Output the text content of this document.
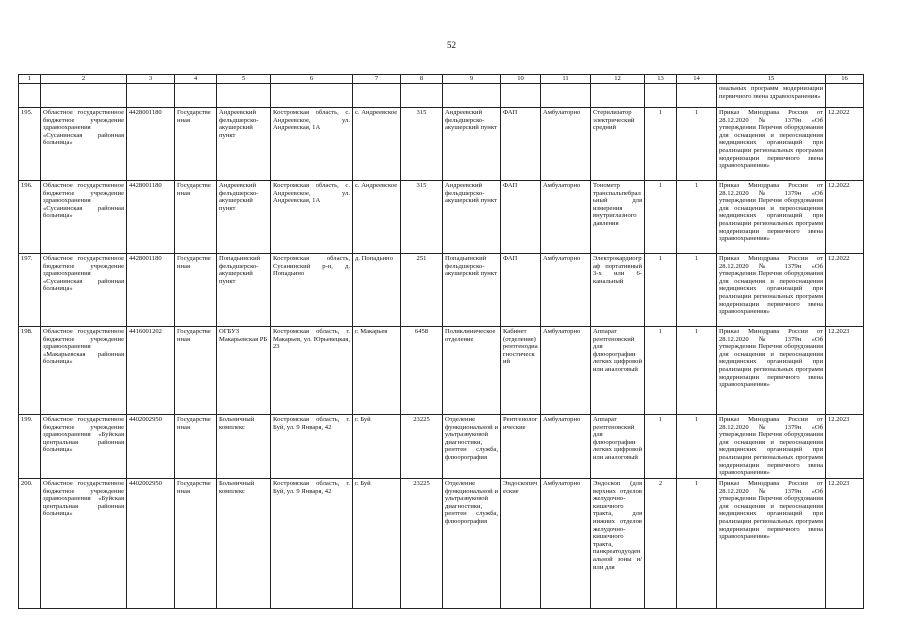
52
1	2	3	4	5	6	7	8	9	10	11	12	13	14	15	16
														ональных программ модернизации первичного звена здравоохранения»	
195.	Областное государственное бюджетное учреждение здравоохранения «Сусанинская районная больница»	4428001180	Государственная	Андреевский фельдшерско-акушерский пункт	Костромская область, с. Андреевское, ул. Андреевская, 1А	с. Андреевское	315	Андреевский фельдшерско-акушерский пункт	ФАП	Амбулаторно	Стерилизатор электрический средний	1	1	Приказ Минздрава России от 28.12.2020 № 1379н «Об утверждении Перечня оборудования для оснащения и переоснащения медицинских организаций при реализации региональных программ модернизации первичного звена здравоохранения»	12.2022
196.	Областное государственное бюджетное учреждение здравоохранения «Сусанинская районная больница»	4428001180	Государственная	Андреевский фельдшерско-акушерский пункт	Костромская область, с. Андреевское, ул. Андреевская, 1А	с. Андреевское	315	Андреевский фельдшерско-акушерский пункт	ФАП	Амбулаторно	Тонометр транспальпебральный для измерения внутриглазного давления	1	1	Приказ Минздрава России от 28.12.2020 № 1379н «Об утверждении Перечня оборудования для оснащения и переоснащения медицинских организаций при реализации региональных программ модернизации первичного звена здравоохранения»	12.2022
197.	Областное государственное бюджетное учреждение здравоохранения «Сусанинская районная больница»	4428001180	Государственная	Попадьинский фельдшерско-акушерский пункт	Костромская область, Сусанинский р-н, д. Попадьино	д. Попадьино	251	Попадьинский фельдшерско-акушерский пункт	ФАП	Амбулаторно	Электрокардиограф портативный 3-х или 6-канальный	1	1	Приказ Минздрава России от 28.12.2020 № 1379н «Об утверждении Перечня оборудования для оснащения и переоснащения медицинских организаций при реализации региональных программ модернизации первичного звена здравоохранения»	12.2022
198.	Областное государственное бюджетное учреждение здравоохранения «Макарьевская районная больница»	4416001202	Государственная	ОГБУЗ Макарьевская РБ	Костромская область, г. Макарьев, ул. Юрьевецкая, 23	г. Макарьев	6458	Поликлиническое отделение	Кабинет (отделение) рентгенодиагностический	Амбулаторно	Аппарат рентгеновский для флюорографии легких цифровой или аналоговый	1	1	Приказ Минздрава России от 28.12.2020 № 1379н «Об утверждении Перечня оборудования для оснащения и переоснащения медицинских организаций при реализации региональных программ модернизации первичного звена здравоохранения»	12.2023
199.	Областное государственное бюджетное учреждение здравоохранения «Буйская центральная районная больница»	4402002950	Государственная	Больничный комплекс	Костромская область, г. Буй, ул. 9 Января, 42	г. Буй	23225	Отделение функциональной и ультразвуковой диагностики, рентген служба, флюорография	Рентгенологические	Амбулаторно	Аппарат рентгеновский для флюорографии легких цифровой или аналоговый	1	1	Приказ Минздрава России от 28.12.2020 № 1379н «Об утверждении Перечня оборудования для оснащения и переоснащения медицинских организаций при реализации региональных программ модернизации первичного звена здравоохранения»	12.2023
200.	Областное государственное бюджетное учреждение здравоохранения «Буйская центральная районная больница»	4402002950	Государственная	Больничный комплекс	Костромская область, г. Буй, ул. 9 Января, 42	г. Буй	23225	Отделение функциональной и ультразвуковой диагностики, рентген служба, флюорография	Эндоскопические	Амбулаторно	Эндоскоп (для верхних отделов желудочно-кишечного тракта, для нижних отделов желудочно-кишечного тракта, панкреатодуоденальной зоны и/или для	2	1	Приказ Минздрава России от 28.12.2020 № 1379н «Об утверждении Перечня оборудования для оснащения и переоснащения медицинских организаций при реализации региональных программ модернизации первичного звена здравоохранения»	12.2023
